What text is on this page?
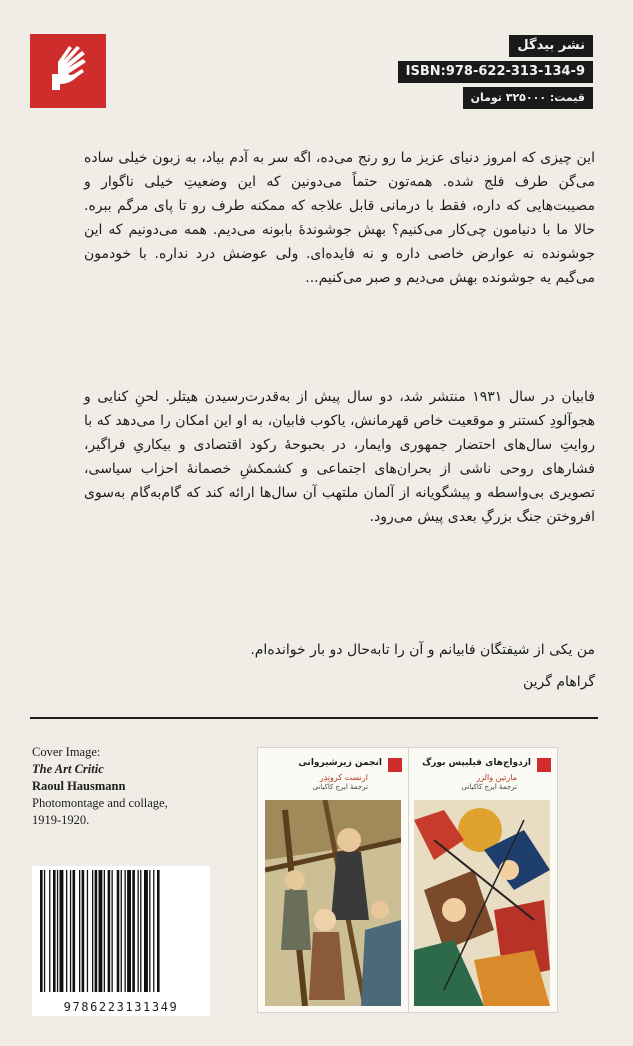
نشر بیدگل
ISBN:978-622-313-134-9
قیمت: ۳۲۵۰۰۰ تومان

این چیزی که امروز دنیای عزیز ما رو رنج می‌ده، اگه سر به آدم بیاد، به زبون خیلی ساده می‌گن طرف فلج شده. همه‌تون حتماً می‌دونین که این وضعیتِ خیلی ناگوار و مصیبت‌هایی که داره، فقط با درمانی قابل علاجه که ممکنه طرف رو تا پای مرگم ببره. حالا ما با دنیامون چی‌کار می‌کنیم؟ بهش جوشوندهٔ بابونه می‌دیم. همه می‌دونیم که این جوشونده نه عوارض خاصی داره و نه فایده‌ای. ولی عوضش درد نداره. با خودمون می‌گیم یه جوشونده بهش می‌دیم و صبر می‌کنیم...

فابیان در سال ۱۹۳۱ منتشر شد، دو سال پیش از به‌قدرت‌رسیدن هیتلر. لحنِ کنایی و هجوآلودِ کستنر و موقعیت خاص قهرمانش، یاکوب فابیان، به او این امکان را می‌دهد که با روایتِ سال‌های احتضار جمهوری وایمار، در بحبوحهٔ رکود اقتصادی و بیکاریِ فراگیر، فشارهای روحی ناشی از بحران‌های اجتماعی و کشمکشِ خصمانهٔ احزاب سیاسی، تصویری بی‌واسطه و پیشگویانه از آلمان ملتهب آن سال‌ها ارائه کند که گام‌به‌گام به‌سوی افروختن جنگ بزرگِ بعدی پیش می‌رود.

من یکی از شیفتگان فابیانم و آن را تابه‌حال دو بار خوانده‌ام.
گراهام گرین
Cover Image:
The Art Critic
Raoul Hausmann
Photomontage and collage,
1919-1920.
9786223131349
ازدواج‌های فیلیپس بورگ
مارتین والزر
ترجمهٔ ایرج کاکیانی
انجمن زیرشیروانی
ارنست کرونِدِر
ترجمهٔ ایرج کاکیانی
